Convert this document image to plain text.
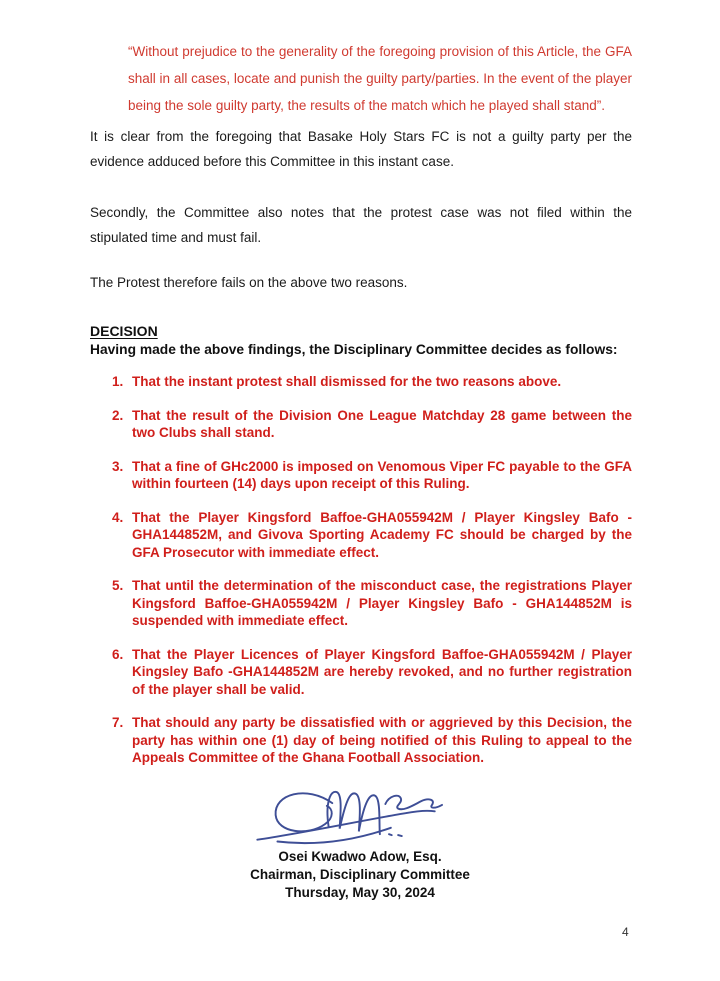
“Without prejudice to the generality of the foregoing provision of this Article, the GFA shall in all cases, locate and punish the guilty party/parties. In the event of the player being the sole guilty party, the results of the match which he played shall stand”.

It is clear from the foregoing that Basake Holy Stars FC is not a guilty party per the evidence adduced before this Committee in this instant case.

Secondly, the Committee also notes that the protest case was not filed within the stipulated time and must fail.

The Protest therefore fails on the above two reasons.

DECISION

Having made the above findings, the Disciplinary Committee decides as follows:

That the instant protest shall dismissed for the two reasons above.
That the result of the Division One League Matchday 28 game between the two Clubs shall stand.
That a fine of GHc2000 is imposed on Venomous Viper FC payable to the GFA within fourteen (14) days upon receipt of this Ruling.
That the Player Kingsford Baffoe-GHA055942M / Player Kingsley Bafo - GHA144852M, and Givova Sporting Academy FC should be charged by the GFA Prosecutor with immediate effect.
That until the determination of the misconduct case, the registrations Player Kingsford Baffoe-GHA055942M / Player Kingsley Bafo - GHA144852M is suspended with immediate effect.
That the Player Licences of Player Kingsford Baffoe-GHA055942M / Player Kingsley Bafo -GHA144852M are hereby revoked, and no further registration of the player shall be valid.
That should any party be dissatisfied with or aggrieved by this Decision, the party has within one (1) day of being notified of this Ruling to appeal to the Appeals Committee of the Ghana Football Association.
Osei Kwadwo Adow, Esq.
Chairman, Disciplinary Committee
Thursday, May 30, 2024
4
